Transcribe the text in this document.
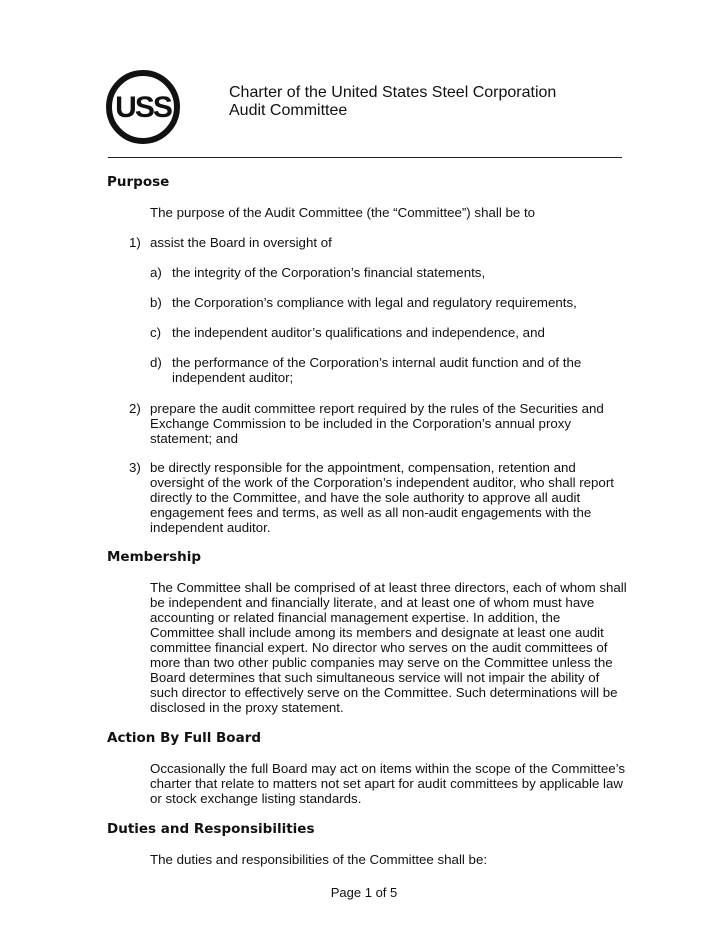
USS	Charter of the United States Steel Corporation
Audit Committee
Purpose
The purpose of the Audit Committee (the “Committee”) shall be to
1) assist the Board in oversight of
a) the integrity of the Corporation’s financial statements,
b) the Corporation’s compliance with legal and regulatory requirements,
c) the independent auditor’s qualifications and independence, and
d) the performance of the Corporation’s internal audit function and of the
independent auditor;
2) prepare the audit committee report required by the rules of the Securities and
Exchange Commission to be included in the Corporation’s annual proxy
statement; and
3) be directly responsible for the appointment, compensation, retention and
oversight of the work of the Corporation’s independent auditor, who shall report
directly to the Committee, and have the sole authority to approve all audit
engagement fees and terms, as well as all non-audit engagements with the
independent auditor.
Membership
The Committee shall be comprised of at least three directors, each of whom shall
be independent and financially literate, and at least one of whom must have
accounting or related financial management expertise. In addition, the
Committee shall include among its members and designate at least one audit
committee financial expert. No director who serves on the audit committees of
more than two other public companies may serve on the Committee unless the
Board determines that such simultaneous service will not impair the ability of
such director to effectively serve on the Committee. Such determinations will be
disclosed in the proxy statement.
Action By Full Board
Occasionally the full Board may act on items within the scope of the Committee’s
charter that relate to matters not set apart for audit committees by applicable law
or stock exchange listing standards.
Duties and Responsibilities
The duties and responsibilities of the Committee shall be:
Page 1 of 5
